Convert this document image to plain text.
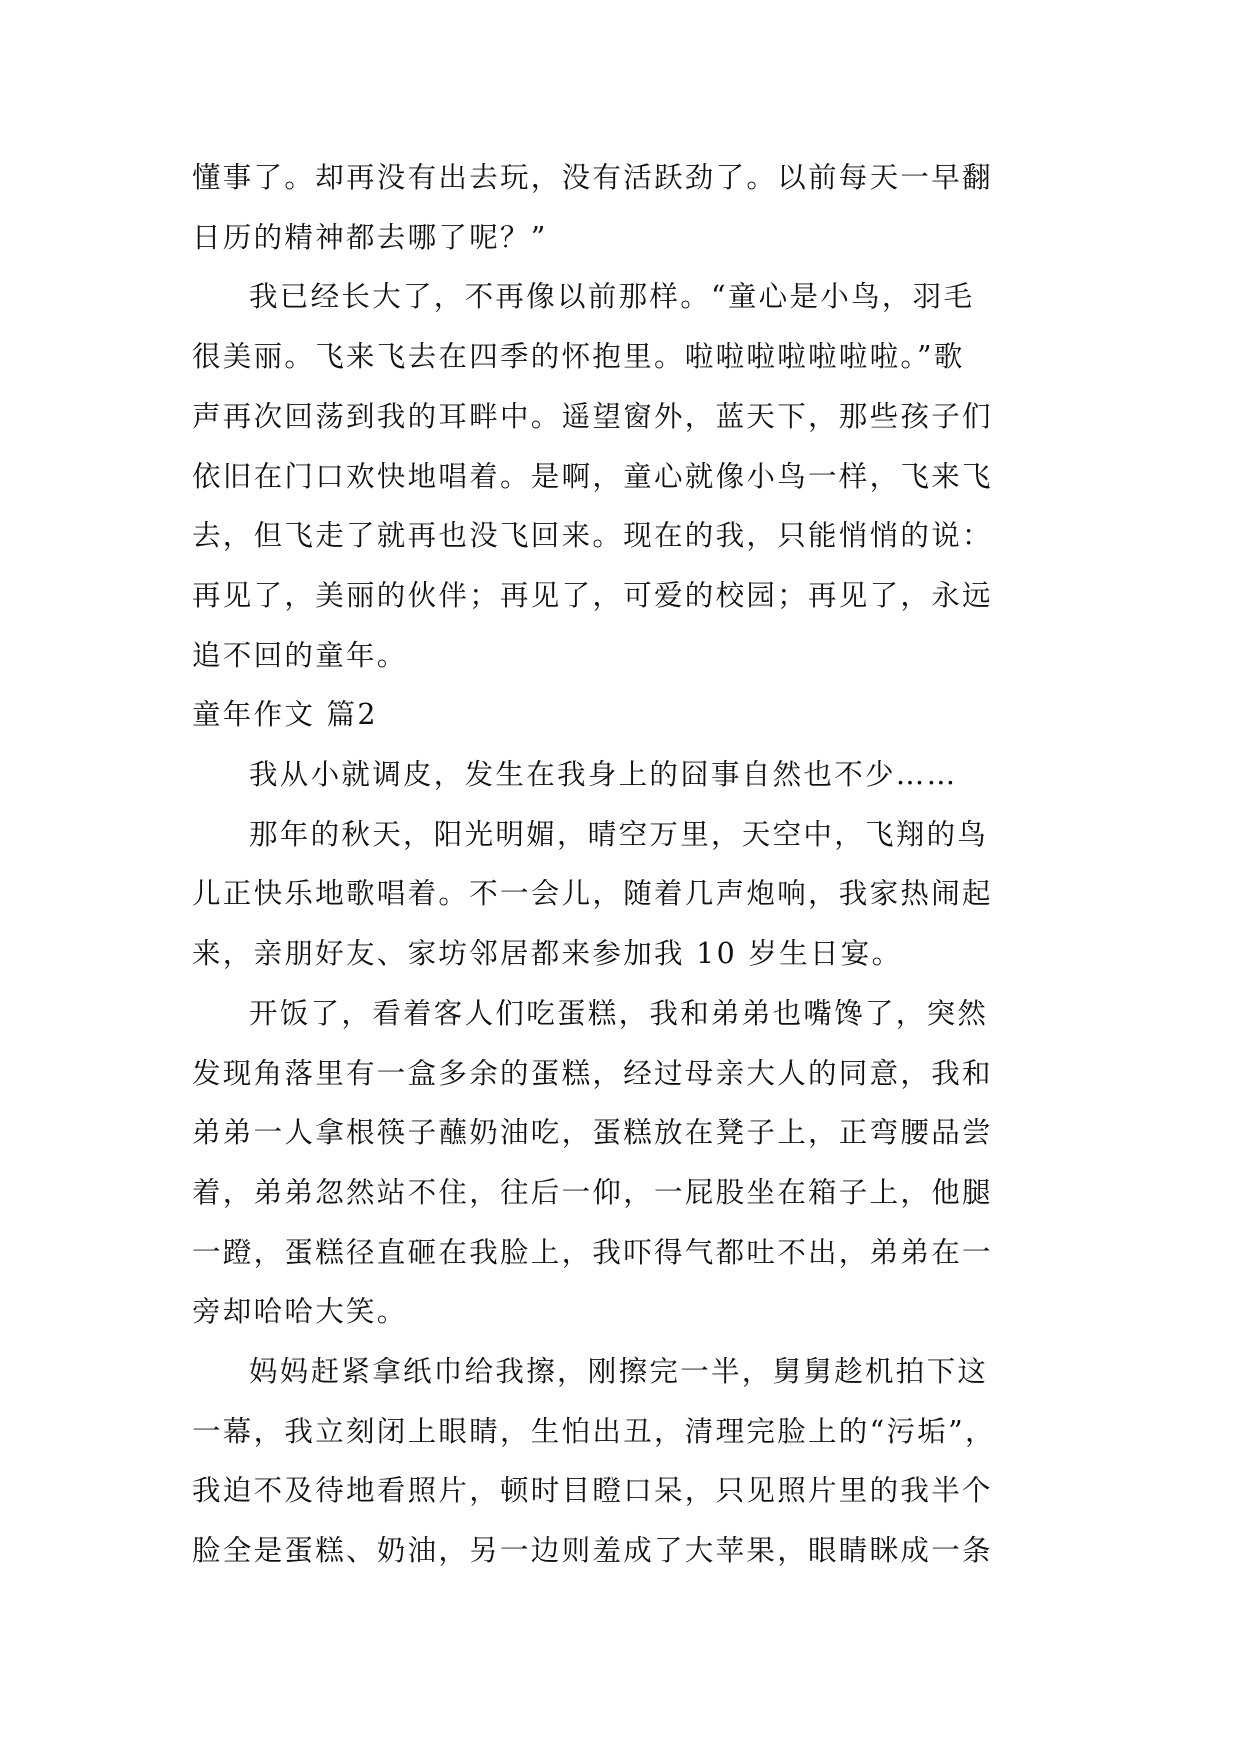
懂事了。却再没有出去玩，没有活跃劲了。以前每天一早翻
日历的精神都去哪了呢？”

我已经长大了，不再像以前那样。“童心是小鸟，羽毛
很美丽。飞来飞去在四季的怀抱里。啦啦啦啦啦啦啦。”歌
声再次回荡到我的耳畔中。遥望窗外，蓝天下，那些孩子们
依旧在门口欢快地唱着。是啊，童心就像小鸟一样，飞来飞
去，但飞走了就再也没飞回来。现在的我，只能悄悄的说：
再见了，美丽的伙伴；再见了，可爱的校园；再见了，永远
追不回的童年。

童年作文 篇2

我从小就调皮，发生在我身上的囧事自然也不少……

那年的秋天，阳光明媚，晴空万里，天空中，飞翔的鸟
儿正快乐地歌唱着。不一会儿，随着几声炮响，我家热闹起
来，亲朋好友、家坊邻居都来参加我 10 岁生日宴。

开饭了，看着客人们吃蛋糕，我和弟弟也嘴馋了，突然
发现角落里有一盒多余的蛋糕，经过母亲大人的同意，我和
弟弟一人拿根筷子蘸奶油吃，蛋糕放在凳子上，正弯腰品尝
着，弟弟忽然站不住，往后一仰，一屁股坐在箱子上，他腿
一蹬，蛋糕径直砸在我脸上，我吓得气都吐不出，弟弟在一
旁却哈哈大笑。

妈妈赶紧拿纸巾给我擦，刚擦完一半，舅舅趁机拍下这
一幕，我立刻闭上眼睛，生怕出丑，清理完脸上的“污垢”，
我迫不及待地看照片，顿时目瞪口呆，只见照片里的我半个
脸全是蛋糕、奶油，另一边则羞成了大苹果，眼睛眯成一条
